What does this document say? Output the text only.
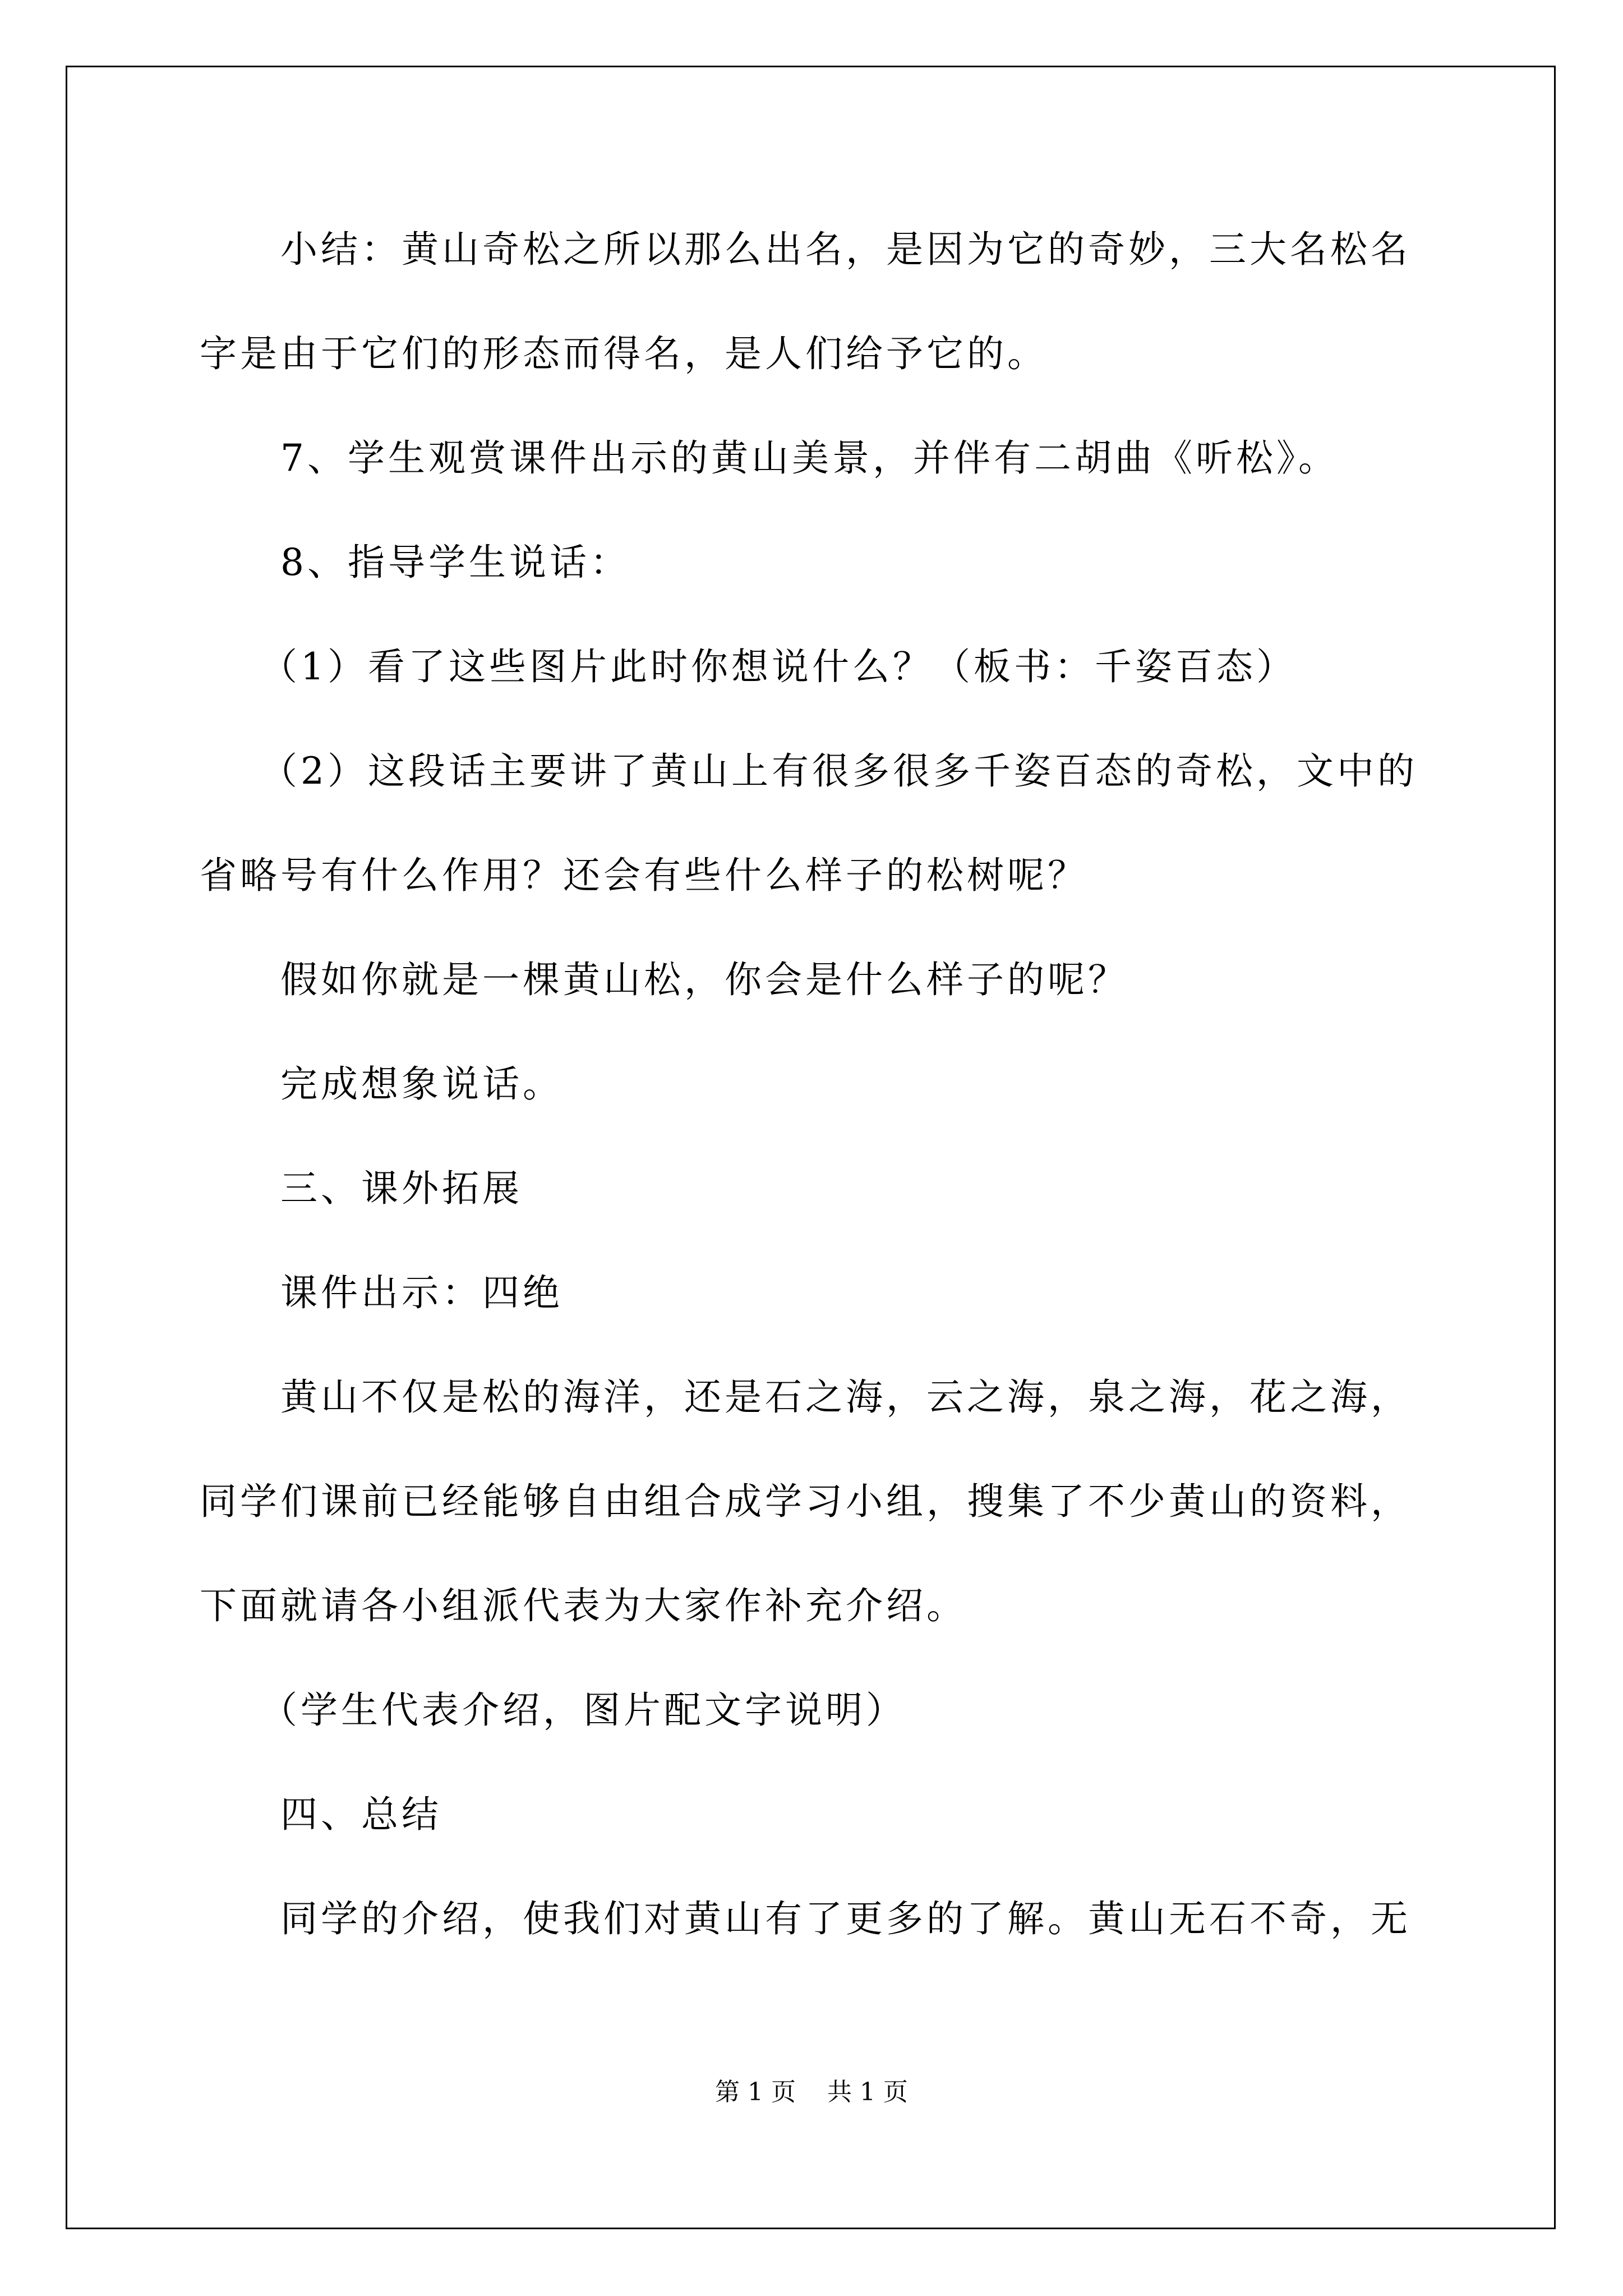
小结：黄山奇松之所以那么出名，是因为它的奇妙，三大名松名
字是由于它们的形态而得名，是人们给予它的。
7、学生观赏课件出示的黄山美景，并伴有二胡曲《听松》。
8、指导学生说话：
（1）看了这些图片此时你想说什么？（板书：千姿百态）
（2）这段话主要讲了黄山上有很多很多千姿百态的奇松，文中的
省略号有什么作用？还会有些什么样子的松树呢？
假如你就是一棵黄山松，你会是什么样子的呢？
完成想象说话。
三、课外拓展
课件出示：四绝
黄山不仅是松的海洋，还是石之海，云之海，泉之海，花之海，
同学们课前已经能够自由组合成学习小组，搜集了不少黄山的资料，
下面就请各小组派代表为大家作补充介绍。
（学生代表介绍，图片配文字说明）
四、总结
同学的介绍，使我们对黄山有了更多的了解。黄山无石不奇，无
第 1 页    共 1 页
